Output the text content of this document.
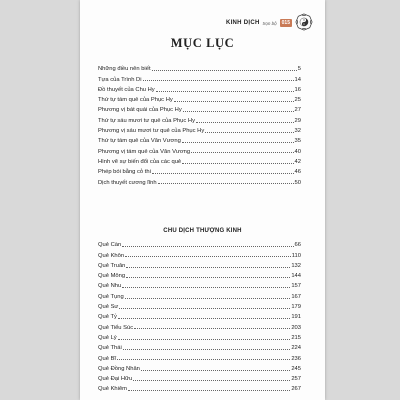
KINH DỊCH trọn bộ	015
MỤC LỤC
Những điều nên biết	5
Tựa của Trình Di	14
Đồ thuyết của Chu Hy	16
Thứ tự tám quẻ của Phục Hy	25
Phương vị bát quái của Phục Hy	27
Thứ tự sáu mươi tư quẻ của Phục Hy	29
Phương vị sáu mươi tư quẻ của Phục Hy	32
Thứ tự tám quẻ của Văn Vương	35
Phương vị tám quẻ của Văn Vương	40
Hình vẽ sự biến đổi của các quẻ	42
Phép bói bằng cỏ thi	46
Dịch thuyết cương lĩnh	50
CHU DỊCH THƯỢNG KINH
Quẻ Càn	66
Quẻ Khôn	110
Quẻ Truân	132
Quẻ Mông	144
Quẻ Nhu	157
Quẻ Tụng	167
Quẻ Sư	179
Quẻ Tỷ	191
Quẻ Tiểu Súc	203
Quẻ Lý	215
Quẻ Thái	224
Quẻ Bĩ	236
Quẻ Đồng Nhân	245
Quẻ Đại Hữu	257
Quẻ Khiêm	267
